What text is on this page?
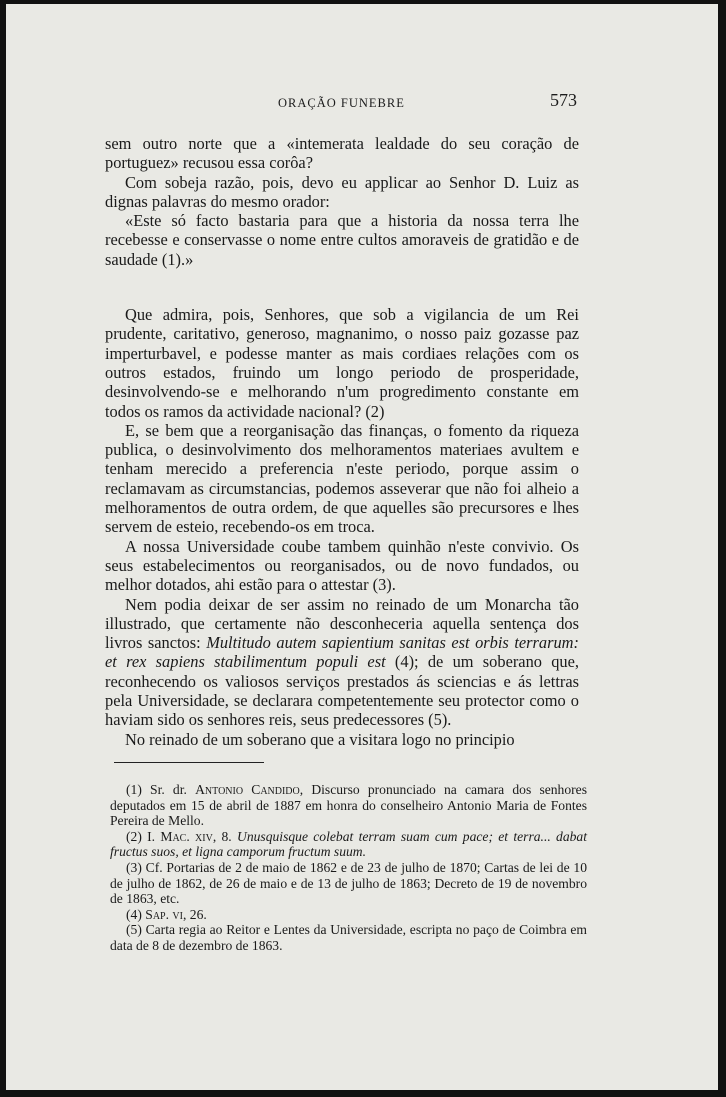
ORAÇÃO FUNEBRE	573

sem outro norte que a «intemerata lealdade do seu coração de portuguez» recusou essa corôa?

Com sobeja razão, pois, devo eu applicar ao Senhor D. Luiz as dignas palavras do mesmo orador:

«Este só facto bastaria para que a historia da nossa terra lhe recebesse e conservasse o nome entre cultos amoraveis de gratidão e de saudade (1).»

Que admira, pois, Senhores, que sob a vigilancia de um Rei prudente, caritativo, generoso, magnanimo, o nosso paiz gozasse paz imperturbavel, e podesse manter as mais cordiaes relações com os outros estados, fruindo um longo periodo de prosperidade, desinvolvendo-se e melhorando n'um progredimento constante em todos os ramos da actividade nacional? (2)

E, se bem que a reorganisação das finanças, o fomento da riqueza publica, o desinvolvimento dos melhoramentos materiaes avultem e tenham merecido a preferencia n'este periodo, porque assim o reclamavam as circumstancias, podemos asseverar que não foi alheio a melhoramentos de outra ordem, de que aquelles são precursores e lhes servem de esteio, recebendo-os em troca.

A nossa Universidade coube tambem quinhão n'este convivio. Os seus estabelecimentos ou reorganisados, ou de novo fundados, ou melhor dotados, ahi estão para o attestar (3).

Nem podia deixar de ser assim no reinado de um Monarcha tão illustrado, que certamente não desconheceria aquella sentença dos livros sanctos: Multitudo autem sapientium sanitas est orbis terrarum: et rex sapiens stabilimentum populi est (4); de um soberano que, reconhecendo os valiosos serviços prestados ás sciencias e ás lettras pela Universidade, se declarara competentemente seu protector como o haviam sido os senhores reis, seus predecessores (5).

No reinado de um soberano que a visitara logo no principio

(1) Sr. dr. Antonio Candido, Discurso pronunciado na camara dos senhores deputados em 15 de abril de 1887 em honra do conselheiro Antonio Maria de Fontes Pereira de Mello.

(2) I. Mac. xiv, 8. Unusquisque colebat terram suam cum pace; et terra... dabat fructus suos, et ligna camporum fructum suum.

(3) Cf. Portarias de 2 de maio de 1862 e de 23 de julho de 1870; Cartas de lei de 10 de julho de 1862, de 26 de maio e de 13 de julho de 1863; Decreto de 19 de novembro de 1863, etc.

(4) Sap. vi, 26.

(5) Carta regia ao Reitor e Lentes da Universidade, escripta no paço de Coimbra em data de 8 de dezembro de 1863.
